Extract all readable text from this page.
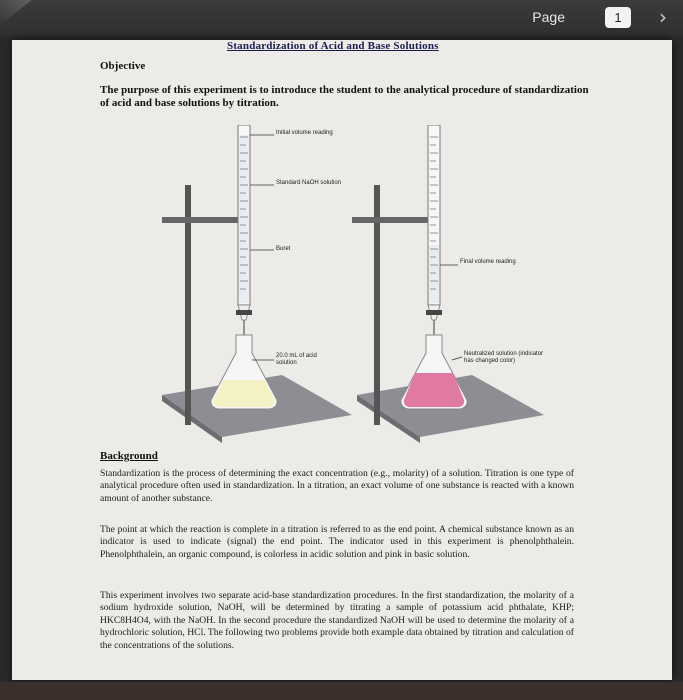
Page	1	›
Standardization of Acid and Base Solutions
Objective
The purpose of this experiment is to introduce the student to the analytical procedure of standardization of acid and base solutions by titration.
Initial volume reading
Standard NaOH solution
Buret
20.0 mL of acid solution
Final volume reading
Neutralized solution (indicator has changed color)
Background

Standardization is the process of determining the exact concentration (e.g., molarity) of a solution. Titration is one type of analytical procedure often used in standardization. In a titration, an exact volume of one substance is reacted with a known amount of another substance.

The point at which the reaction is complete in a titration is referred to as the end point. A chemical substance known as an indicator is used to indicate (signal) the end point. The indicator used in this experiment is phenolphthalein. Phenolphthalein, an organic compound, is colorless in acidic solution and pink in basic solution.

This experiment involves two separate acid-base standardization procedures. In the first standardization, the molarity of a sodium hydroxide solution, NaOH, will be determined by titrating a sample of potassium acid phthalate, KHP; HKC8H4O4, with the NaOH. In the second procedure the standardized NaOH will be used to determine the molarity of a hydrochloric solution, HCl. The following two problems provide both example data obtained by titration and calculation of the concentrations of the solutions.
